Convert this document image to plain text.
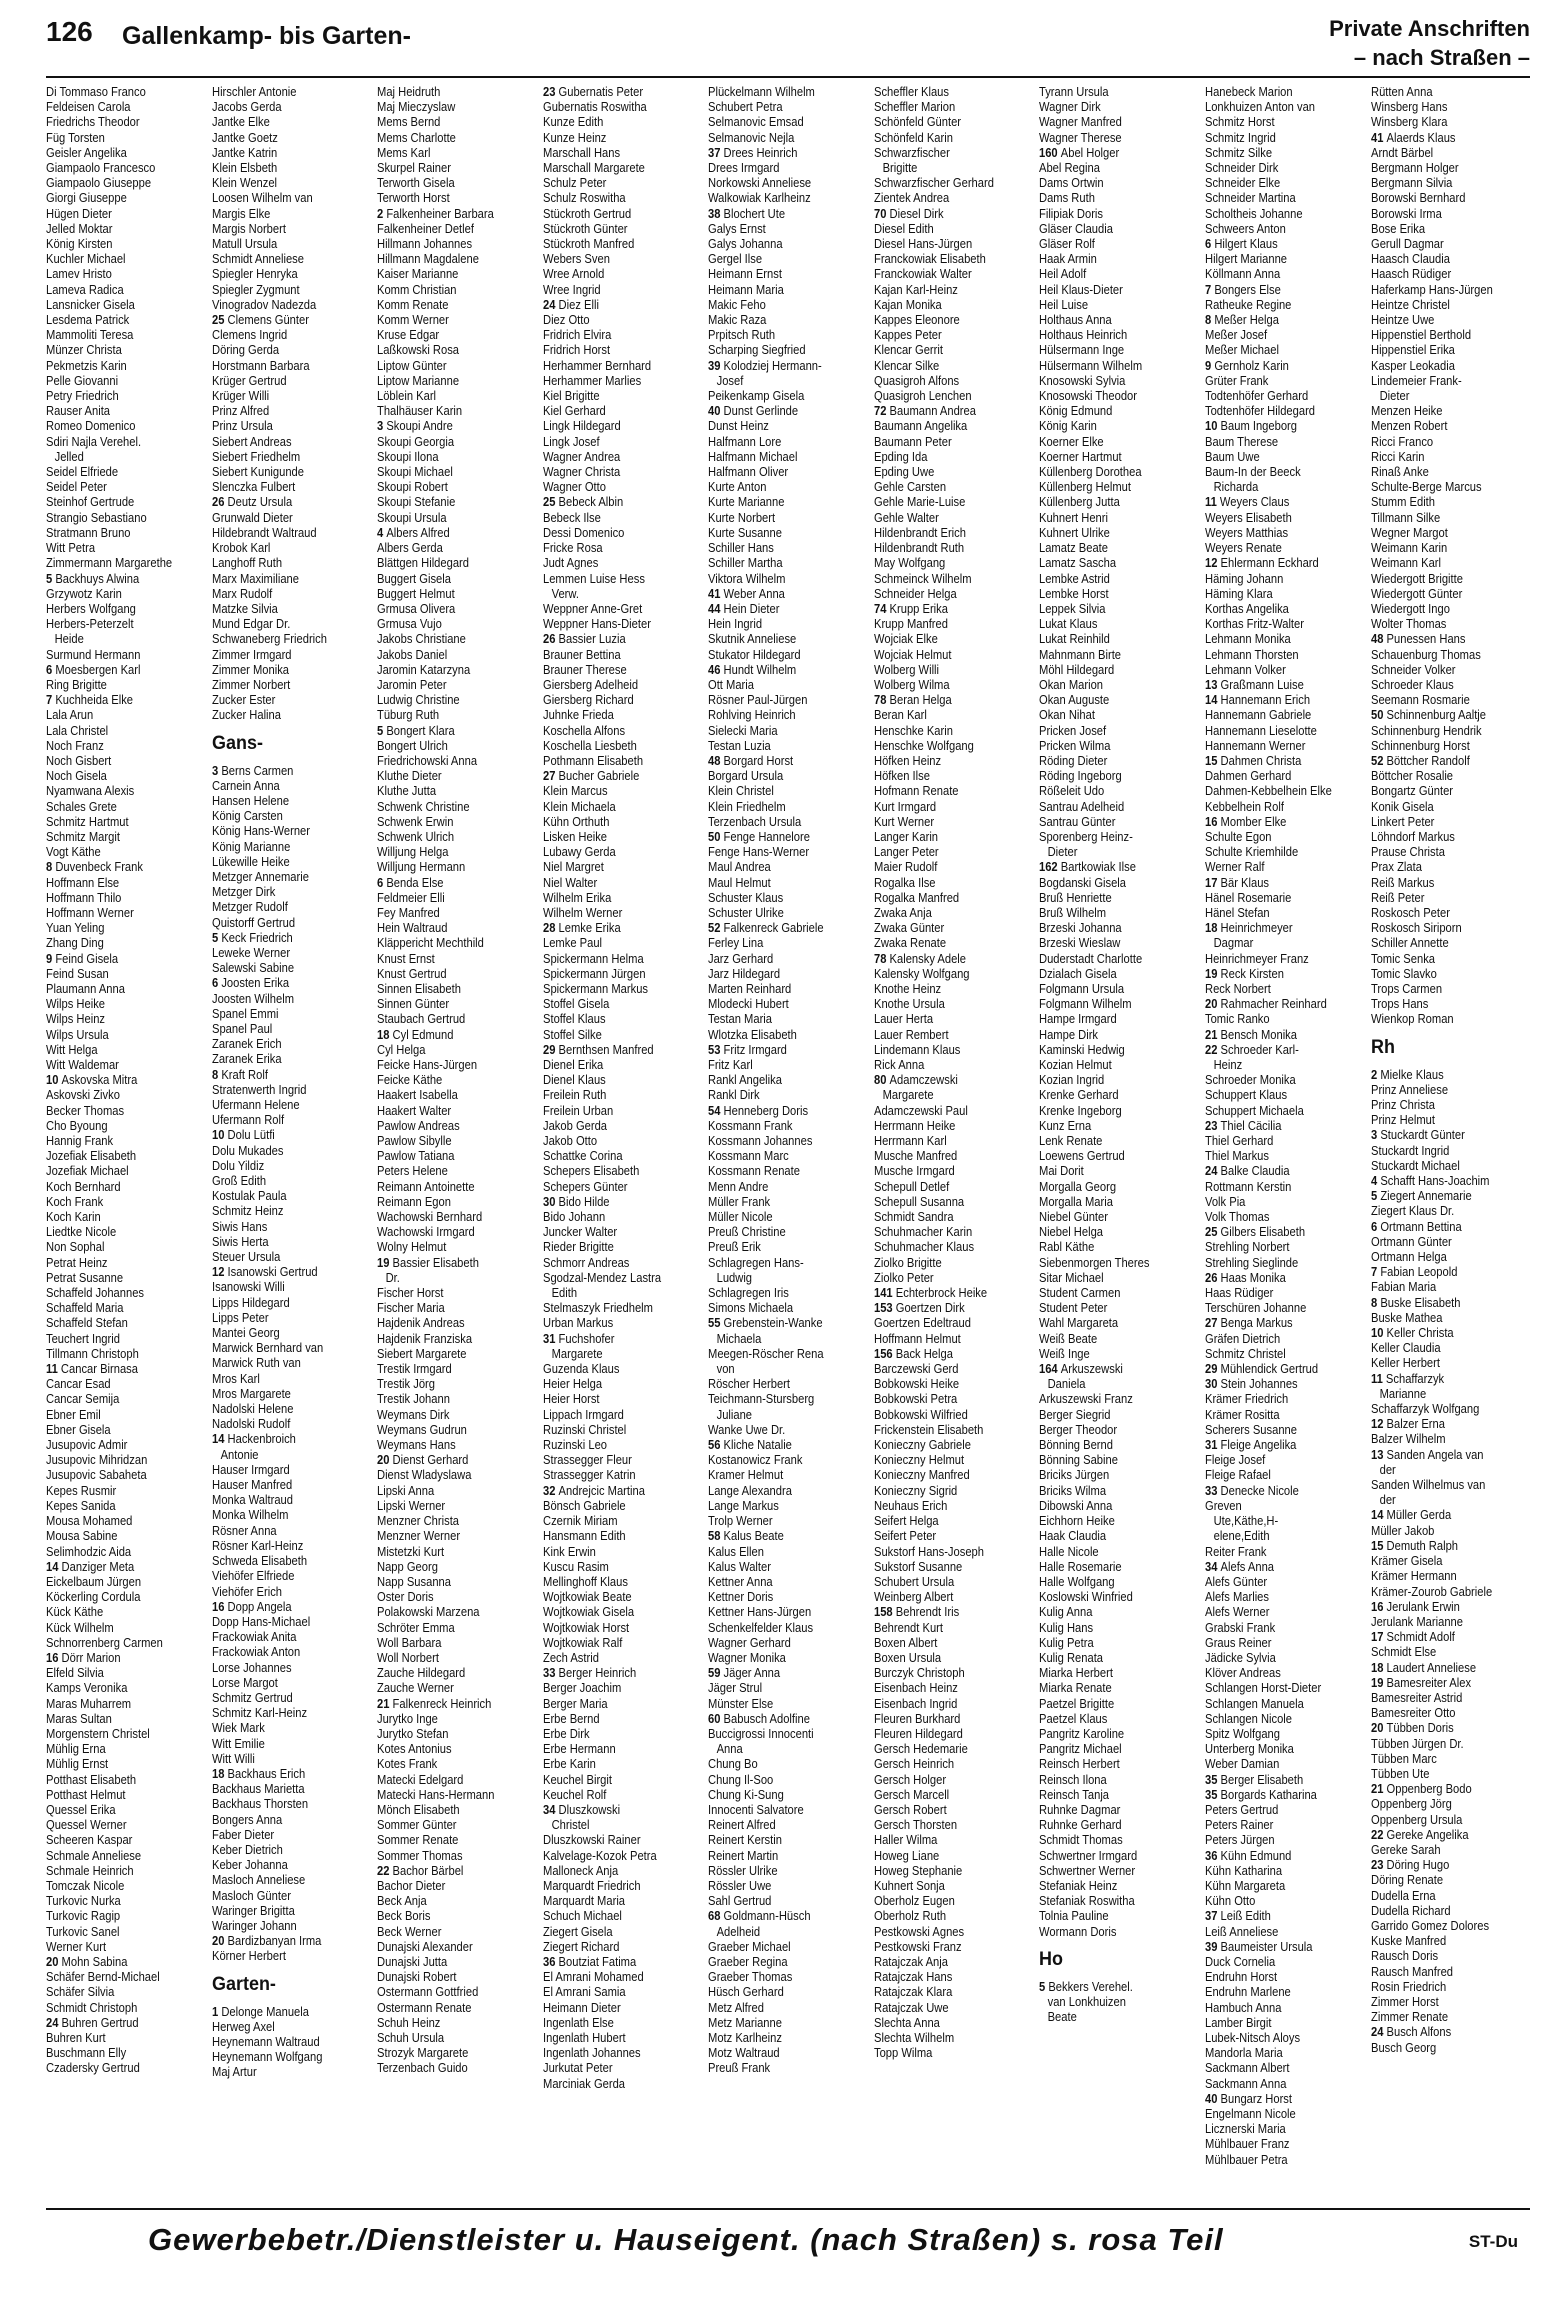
126 Gallenkamp- bis Garten-	Private Anschriften
– nach Straßen –
Di Tommaso Franco
Feldeisen Carola
Friedrichs Theodor
Füg Torsten
Geisler Angelika
Giampaolo Francesco
Giampaolo Giuseppe
Giorgi Giuseppe
Hügen Dieter
Jelled Moktar
König Kirsten
Kuchler Michael
Lamev Hristo
Lameva Radica
Lansnicker Gisela
Lesdema Patrick
Mammoliti Teresa
Münzer Christa
Pekmetzis Karin
Pelle Giovanni
Petry Friedrich
Rauser Anita
Romeo Domenico
Sdiri Najla Verehel.
Jelled
Seidel Elfriede
Seidel Peter
Steinhof Gertrude
Strangio Sebastiano
Stratmann Bruno
Witt Petra
Zimmermann Margarethe
5 Backhuys Alwina
Grzywotz Karin
Herbers Wolfgang
Herbers-Peterzelt
Heide
Surmund Hermann
6 Moesbergen Karl
Ring Brigitte
7 Kuchheida Elke
Lala Arun
Lala Christel
Noch Franz
Noch Gisbert
Noch Gisela
Nyamwana Alexis
Schales Grete
Schmitz Hartmut
Schmitz Margit
Vogt Käthe
8 Duvenbeck Frank
Hoffmann Else
Hoffmann Thilo
Hoffmann Werner
Yuan Yeling
Zhang Ding
9 Feind Gisela
Feind Susan
Plaumann Anna
Wilps Heike
Wilps Heinz
Wilps Ursula
Witt Helga
Witt Waldemar
10 Askovska Mitra
Askovski Zivko
Becker Thomas
Cho Byoung
Hannig Frank
Jozefiak Elisabeth
Jozefiak Michael
Koch Bernhard
Koch Frank
Koch Karin
Liedtke Nicole
Non Sophal
Petrat Heinz
Petrat Susanne
Schaffeld Johannes
Schaffeld Maria
Schaffeld Stefan
Teuchert Ingrid
Tillmann Christoph
11 Cancar Birnasa
Cancar Esad
Cancar Semija
Ebner Emil
Ebner Gisela
Jusupovic Admir
Jusupovic Mihridzan
Jusupovic Sabaheta
Kepes Rusmir
Kepes Sanida
Mousa Mohamed
Mousa Sabine
Selimhodzic Aida
14 Danziger Meta
Eickelbaum Jürgen
Köckerling Cordula
Kück Käthe
Kück Wilhelm
Schnorrenberg Carmen
16 Dörr Marion
Elfeld Silvia
Kamps Veronika
Maras Muharrem
Maras Sultan
Morgenstern Christel
Mühlig Erna
Mühlig Ernst
Potthast Elisabeth
Potthast Helmut
Quessel Erika
Quessel Werner
Scheeren Kaspar
Schmale Anneliese
Schmale Heinrich
Tomczak Nicole
Turkovic Nurka
Turkovic Ragip
Turkovic Sanel
Werner Kurt
20 Mohn Sabina
Schäfer Bernd-Michael
Schäfer Silvia
Schmidt Christoph
24 Buhren Gertrud
Buhren Kurt
Buschmann Elly
Czadersky Gertrud
Hirschler Antonie
Jacobs Gerda
Jantke Elke
Jantke Goetz
Jantke Katrin
Klein Elsbeth
Klein Wenzel
Loosen Wilhelm van
Margis Elke
Margis Norbert
Matull Ursula
Schmidt Anneliese
Spiegler Henryka
Spiegler Zygmunt
Vinogradov Nadezda
25 Clemens Günter
Clemens Ingrid
Döring Gerda
Horstmann Barbara
Krüger Gertrud
Krüger Willi
Prinz Alfred
Prinz Ursula
Siebert Andreas
Siebert Friedhelm
Siebert Kunigunde
Slenczka Fulbert
26 Deutz Ursula
Grunwald Dieter
Hildebrandt Waltraud
Krobok Karl
Langhoff Ruth
Marx Maximiliane
Marx Rudolf
Matzke Silvia
Mund Edgar Dr.
Schwaneberg Friedrich
Zimmer Irmgard
Zimmer Monika
Zimmer Norbert
Zucker Ester
Zucker Halina
Gans-
3 Berns Carmen
Carnein Anna
Hansen Helene
König Carsten
König Hans-Werner
König Marianne
Lükewille Heike
Metzger Annemarie
Metzger Dirk
Metzger Rudolf
Quistorff Gertrud
5 Keck Friedrich
Leweke Werner
Salewski Sabine
6 Joosten Erika
Joosten Wilhelm
Spanel Emmi
Spanel Paul
Zaranek Erich
Zaranek Erika
8 Kraft Rolf
Stratenwerth Ingrid
Ufermann Helene
Ufermann Rolf
10 Dolu Lütfi
Dolu Mukades
Dolu Yildiz
Groß Edith
Kostulak Paula
Schmitz Heinz
Siwis Hans
Siwis Herta
Steuer Ursula
12 Isanowski Gertrud
Isanowski Willi
Lipps Hildegard
Lipps Peter
Mantei Georg
Marwick Bernhard van
Marwick Ruth van
Mros Karl
Mros Margarete
Nadolski Helene
Nadolski Rudolf
14 Hackenbroich
Antonie
Hauser Irmgard
Hauser Manfred
Monka Waltraud
Monka Wilhelm
Rösner Anna
Rösner Karl-Heinz
Schweda Elisabeth
Viehöfer Elfriede
Viehöfer Erich
16 Dopp Angela
Dopp Hans-Michael
Frackowiak Anita
Frackowiak Anton
Lorse Johannes
Lorse Margot
Schmitz Gertrud
Schmitz Karl-Heinz
Wiek Mark
Witt Emilie
Witt Willi
18 Backhaus Erich
Backhaus Marietta
Backhaus Thorsten
Bongers Anna
Faber Dieter
Keber Dietrich
Keber Johanna
Masloch Anneliese
Masloch Günter
Waringer Brigitta
Waringer Johann
20 Bardizbanyan Irma
Körner Herbert
Garten-
1 Delonge Manuela
Herweg Axel
Heynemann Waltraud
Heynemann Wolfgang
Maj Artur
Maj Heidruth
Maj Mieczyslaw
Mems Bernd
Mems Charlotte
Mems Karl
Skurpel Rainer
Terworth Gisela
Terworth Horst
2 Falkenheiner Barbara
Falkenheiner Detlef
Hillmann Johannes
Hillmann Magdalene
Kaiser Marianne
Komm Christian
Komm Renate
Komm Werner
Kruse Edgar
Laßkowski Rosa
Liptow Günter
Liptow Marianne
Löblein Karl
Thalhäuser Karin
3 Skoupi Andre
Skoupi Georgia
Skoupi Ilona
Skoupi Michael
Skoupi Robert
Skoupi Stefanie
Skoupi Ursula
4 Albers Alfred
Albers Gerda
Blättgen Hildegard
Buggert Gisela
Buggert Helmut
Grmusa Olivera
Grmusa Vujo
Jakobs Christiane
Jakobs Daniel
Jaromin Katarzyna
Jaromin Peter
Ludwig Christine
Tüburg Ruth
5 Bongert Klara
Bongert Ulrich
Friedrichowski Anna
Kluthe Dieter
Kluthe Jutta
Schwenk Christine
Schwenk Erwin
Schwenk Ulrich
Willjung Helga
Willjung Hermann
6 Benda Else
Feldmeier Elli
Fey Manfred
Hein Waltraud
Kläppericht Mechthild
Knust Ernst
Knust Gertrud
Sinnen Elisabeth
Sinnen Günter
Staubach Gertrud
18 Cyl Edmund
Cyl Helga
Feicke Hans-Jürgen
Feicke Käthe
Haakert Isabella
Haakert Walter
Pawlow Andreas
Pawlow Sibylle
Pawlow Tatiana
Peters Helene
Reimann Antoinette
Reimann Egon
Wachowski Bernhard
Wachowski Irmgard
Wolny Helmut
19 Bassier Elisabeth
Dr.
Fischer Horst
Fischer Maria
Hajdenik Andreas
Hajdenik Franziska
Siebert Margarete
Trestik Irmgard
Trestik Jörg
Trestik Johann
Weymans Dirk
Weymans Gudrun
Weymans Hans
20 Dienst Gerhard
Dienst Wladyslawa
Lipski Anna
Lipski Werner
Menzner Christa
Menzner Werner
Mistetzki Kurt
Napp Georg
Napp Susanna
Oster Doris
Polakowski Marzena
Schröter Emma
Woll Barbara
Woll Norbert
Zauche Hildegard
Zauche Werner
21 Falkenreck Heinrich
Jurytko Inge
Jurytko Stefan
Kotes Antonius
Kotes Frank
Matecki Edelgard
Matecki Hans-Hermann
Mönch Elisabeth
Sommer Günter
Sommer Renate
Sommer Thomas
22 Bachor Bärbel
Bachor Dieter
Beck Anja
Beck Boris
Beck Werner
Dunajski Alexander
Dunajski Jutta
Dunajski Robert
Ostermann Gottfried
Ostermann Renate
Schuh Heinz
Schuh Ursula
Strozyk Margarete
Terzenbach Guido
23 Gubernatis Peter
Gubernatis Roswitha
Kunze Edith
Kunze Heinz
Marschall Hans
Marschall Margarete
Schulz Peter
Schulz Roswitha
Stückroth Gertrud
Stückroth Günter
Stückroth Manfred
Webers Sven
Wree Arnold
Wree Ingrid
24 Diez Elli
Diez Otto
Fridrich Elvira
Fridrich Horst
Herhammer Bernhard
Herhammer Marlies
Kiel Brigitte
Kiel Gerhard
Lingk Hildegard
Lingk Josef
Wagner Andrea
Wagner Christa
Wagner Otto
25 Bebeck Albin
Bebeck Ilse
Dessi Domenico
Fricke Rosa
Judt Agnes
Lemmen Luise Hess
Verw.
Weppner Anne-Gret
Weppner Hans-Dieter
26 Bassier Luzia
Brauner Bettina
Brauner Therese
Giersberg Adelheid
Giersberg Richard
Juhnke Frieda
Koschella Alfons
Koschella Liesbeth
Pothmann Elisabeth
27 Bucher Gabriele
Klein Marcus
Klein Michaela
Kühn Orthuth
Lisken Heike
Lubawy Gerda
Niel Margret
Niel Walter
Wilhelm Erika
Wilhelm Werner
28 Lemke Erika
Lemke Paul
Spickermann Helma
Spickermann Jürgen
Spickermann Markus
Stoffel Gisela
Stoffel Klaus
Stoffel Silke
29 Bernthsen Manfred
Dienel Erika
Dienel Klaus
Freilein Ruth
Freilein Urban
Jakob Gerda
Jakob Otto
Schattke Corina
Schepers Elisabeth
Schepers Günter
30 Bido Hilde
Bido Johann
Juncker Walter
Rieder Brigitte
Schmorr Andreas
Sgodzal-Mendez Lastra
Edith
Stelmaszyk Friedhelm
Urban Markus
31 Fuchshofer
Margarete
Guzenda Klaus
Heier Helga
Heier Horst
Lippach Irmgard
Ruzinski Christel
Ruzinski Leo
Strassegger Fleur
Strassegger Katrin
32 Andrejcic Martina
Bönsch Gabriele
Czernik Miriam
Hansmann Edith
Kink Erwin
Kuscu Rasim
Mellinghoff Klaus
Wojtkowiak Beate
Wojtkowiak Gisela
Wojtkowiak Horst
Wojtkowiak Ralf
Zech Astrid
33 Berger Heinrich
Berger Joachim
Berger Maria
Erbe Bernd
Erbe Dirk
Erbe Hermann
Erbe Karin
Keuchel Birgit
Keuchel Rolf
34 Dluszkowski
Christel
Dluszkowski Rainer
Kalvelage-Kozok Petra
Malloneck Anja
Marquardt Friedrich
Marquardt Maria
Schuch Michael
Ziegert Gisela
Ziegert Richard
36 Boutziat Fatima
El Amrani Mohamed
El Amrani Samia
Heimann Dieter
Ingenlath Else
Ingenlath Hubert
Ingenlath Johannes
Jurkutat Peter
Marciniak Gerda
Plückelmann Wilhelm
Schubert Petra
Selmanovic Emsad
Selmanovic Nejla
37 Drees Heinrich
Drees Irmgard
Norkowski Anneliese
Walkowiak Karlheinz
38 Blochert Ute
Galys Ernst
Galys Johanna
Gergel Ilse
Heimann Ernst
Heimann Maria
Makic Feho
Makic Raza
Prpitsch Ruth
Scharping Siegfried
39 Kolodziej Hermann-
Josef
Peikenkamp Gisela
40 Dunst Gerlinde
Dunst Heinz
Halfmann Lore
Halfmann Michael
Halfmann Oliver
Kurte Anton
Kurte Marianne
Kurte Norbert
Kurte Susanne
Schiller Hans
Schiller Martha
Viktora Wilhelm
41 Weber Anna
44 Hein Dieter
Hein Ingrid
Skutnik Anneliese
Stukator Hildegard
46 Hundt Wilhelm
Ott Maria
Rösner Paul-Jürgen
Rohlving Heinrich
Sielecki Maria
Testan Luzia
48 Borgard Horst
Borgard Ursula
Klein Christel
Klein Friedhelm
Terzenbach Ursula
50 Fenge Hannelore
Fenge Hans-Werner
Maul Andrea
Maul Helmut
Schuster Klaus
Schuster Ulrike
52 Falkenreck Gabriele
Ferley Lina
Jarz Gerhard
Jarz Hildegard
Marten Reinhard
Mlodecki Hubert
Testan Maria
Wlotzka Elisabeth
53 Fritz Irmgard
Fritz Karl
Rankl Angelika
Rankl Dirk
54 Henneberg Doris
Kossmann Frank
Kossmann Johannes
Kossmann Marc
Kossmann Renate
Menn Andre
Müller Frank
Müller Nicole
Preuß Christine
Preuß Erik
Schlagregen Hans-
Ludwig
Schlagregen Iris
Simons Michaela
55 Grebenstein-Wanke
Michaela
Meegen-Röscher Rena
von
Röscher Herbert
Teichmann-Stursberg
Juliane
Wanke Uwe Dr.
56 Kliche Natalie
Kostanowicz Frank
Kramer Helmut
Lange Alexandra
Lange Markus
Trolp Werner
58 Kalus Beate
Kalus Ellen
Kalus Walter
Kettner Anna
Kettner Doris
Kettner Hans-Jürgen
Schenkelfelder Klaus
Wagner Gerhard
Wagner Monika
59 Jäger Anna
Jäger Strul
Münster Else
60 Babusch Adolfine
Buccigrossi Innocenti
Anna
Chung Bo
Chung Il-Soo
Chung Ki-Sung
Innocenti Salvatore
Reinert Alfred
Reinert Kerstin
Reinert Martin
Rössler Ulrike
Rössler Uwe
Sahl Gertrud
68 Goldmann-Hüsch
Adelheid
Graeber Michael
Graeber Regina
Graeber Thomas
Hüsch Gerhard
Metz Alfred
Metz Marianne
Motz Karlheinz
Motz Waltraud
Preuß Frank
Scheffler Klaus
Scheffler Marion
Schönfeld Günter
Schönfeld Karin
Schwarzfischer
Brigitte
Schwarzfischer Gerhard
Zientek Andrea
70 Diesel Dirk
Diesel Edith
Diesel Hans-Jürgen
Franckowiak Elisabeth
Franckowiak Walter
Kajan Karl-Heinz
Kajan Monika
Kappes Eleonore
Kappes Peter
Klencar Gerrit
Klencar Silke
Quasigroh Alfons
Quasigroh Lenchen
72 Baumann Andrea
Baumann Angelika
Baumann Peter
Epding Ida
Epding Uwe
Gehle Carsten
Gehle Marie-Luise
Gehle Walter
Hildenbrandt Erich
Hildenbrandt Ruth
May Wolfgang
Schmeinck Wilhelm
Schneider Helga
74 Krupp Erika
Krupp Manfred
Wojciak Elke
Wojciak Helmut
Wolberg Willi
Wolberg Wilma
78 Beran Helga
Beran Karl
Henschke Karin
Henschke Wolfgang
Höfken Heinz
Höfken Ilse
Hofmann Renate
Kurt Irmgard
Kurt Werner
Langer Karin
Langer Peter
Maier Rudolf
Rogalka Ilse
Rogalka Manfred
Zwaka Anja
Zwaka Günter
Zwaka Renate
78 Kalensky Adele
Kalensky Wolfgang
Knothe Heinz
Knothe Ursula
Lauer Herta
Lauer Rembert
Lindemann Klaus
Rick Anna
80 Adamczewski
Margarete
Adamczewski Paul
Herrmann Heike
Herrmann Karl
Musche Manfred
Musche Irmgard
Schepull Detlef
Schepull Susanna
Schmidt Sandra
Schuhmacher Karin
Schuhmacher Klaus
Ziolko Brigitte
Ziolko Peter
141 Echterbrock Heike
153 Goertzen Dirk
Goertzen Edeltraud
Hoffmann Helmut
156 Back Helga
Barczewski Gerd
Bobkowski Heike
Bobkowski Petra
Bobkowski Wilfried
Frickenstein Elisabeth
Konieczny Gabriele
Konieczny Helmut
Konieczny Manfred
Konieczny Sigrid
Neuhaus Erich
Seifert Helga
Seifert Peter
Sukstorf Hans-Joseph
Sukstorf Susanne
Schubert Ursula
Weinberg Albert
158 Behrendt Iris
Behrendt Kurt
Boxen Albert
Boxen Ursula
Burczyk Christoph
Eisenbach Heinz
Eisenbach Ingrid
Fleuren Burkhard
Fleuren Hildegard
Gersch Hedemarie
Gersch Heinrich
Gersch Holger
Gersch Marcell
Gersch Robert
Gersch Thorsten
Haller Wilma
Howeg Liane
Howeg Stephanie
Kuhnert Sonja
Oberholz Eugen
Oberholz Ruth
Pestkowski Agnes
Pestkowski Franz
Ratajczak Anja
Ratajczak Hans
Ratajczak Klara
Ratajczak Uwe
Slechta Anna
Slechta Wilhelm
Topp Wilma
Tyrann Ursula
Wagner Dirk
Wagner Manfred
Wagner Therese
160 Abel Holger
Abel Regina
Dams Ortwin
Dams Ruth
Filipiak Doris
Gläser Claudia
Gläser Rolf
Haak Armin
Heil Adolf
Heil Klaus-Dieter
Heil Luise
Holthaus Anna
Holthaus Heinrich
Hülsermann Inge
Hülsermann Wilhelm
Knosowski Sylvia
Knosowski Theodor
König Edmund
König Karin
Koerner Elke
Koerner Hartmut
Küllenberg Dorothea
Küllenberg Helmut
Küllenberg Jutta
Kuhnert Henri
Kuhnert Ulrike
Lamatz Beate
Lamatz Sascha
Lembke Astrid
Lembke Horst
Leppek Silvia
Lukat Klaus
Lukat Reinhild
Mahnmann Birte
Möhl Hildegard
Okan Marion
Okan Auguste
Okan Nihat
Pricken Josef
Pricken Wilma
Röding Dieter
Röding Ingeborg
Rößeleit Udo
Santrau Adelheid
Santrau Günter
Sporenberg Heinz-
Dieter
162 Bartkowiak Ilse
Bogdanski Gisela
Bruß Henriette
Bruß Wilhelm
Brzeski Johanna
Brzeski Wieslaw
Duderstadt Charlotte
Dzialach Gisela
Folgmann Ursula
Folgmann Wilhelm
Hampe Irmgard
Hampe Dirk
Kaminski Hedwig
Kozian Helmut
Kozian Ingrid
Krenke Gerhard
Krenke Ingeborg
Kunz Erna
Lenk Renate
Loewens Gertrud
Mai Dorit
Morgalla Georg
Morgalla Maria
Niebel Günter
Niebel Helga
Rabl Käthe
Siebenmorgen Theres
Sitar Michael
Student Carmen
Student Peter
Wahl Margareta
Weiß Beate
Weiß Inge
164 Arkuszewski
Daniela
Arkuszewski Franz
Berger Siegrid
Berger Theodor
Bönning Bernd
Bönning Sabine
Briciks Jürgen
Briciks Wilma
Dibowski Anna
Eichhorn Heike
Haak Claudia
Halle Nicole
Halle Rosemarie
Halle Wolfgang
Koslowski Winfried
Kulig Anna
Kulig Hans
Kulig Petra
Kulig Renata
Miarka Herbert
Miarka Renate
Paetzel Brigitte
Paetzel Klaus
Pangritz Karoline
Pangritz Michael
Reinsch Herbert
Reinsch Ilona
Reinsch Tanja
Ruhnke Dagmar
Ruhnke Gerhard
Schmidt Thomas
Schwertner Irmgard
Schwertner Werner
Stefaniak Heinz
Stefaniak Roswitha
Tolnia Pauline
Wormann Doris
Ho
5 Bekkers Verehel.
van Lonkhuizen
Beate
Hanebeck Marion
Lonkhuizen Anton van
Schmitz Horst
Schmitz Ingrid
Schmitz Silke
Schneider Dirk
Schneider Elke
Schneider Martina
Scholtheis Johanne
Schweers Anton
6 Hilgert Klaus
Hilgert Marianne
Köllmann Anna
7 Bongers Else
Ratheuke Regine
8 Meßer Helga
Meßer Josef
Meßer Michael
9 Gernholz Karin
Grüter Frank
Todtenhöfer Gerhard
Todtenhöfer Hildegard
10 Baum Ingeborg
Baum Therese
Baum Uwe
Baum-In der Beeck
Richarda
11 Weyers Claus
Weyers Elisabeth
Weyers Matthias
Weyers Renate
12 Ehlermann Eckhard
Häming Johann
Häming Klara
Korthas Angelika
Korthas Fritz-Walter
Lehmann Monika
Lehmann Thorsten
Lehmann Volker
13 Graßmann Luise
14 Hannemann Erich
Hannemann Gabriele
Hannemann Lieselotte
Hannemann Werner
15 Dahmen Christa
Dahmen Gerhard
Dahmen-Kebbelhein Elke
Kebbelhein Rolf
16 Momber Elke
Schulte Egon
Schulte Kriemhilde
Werner Ralf
17 Bär Klaus
Hänel Rosemarie
Hänel Stefan
18 Heinrichmeyer
Dagmar
Heinrichmeyer Franz
19 Reck Kirsten
Reck Norbert
20 Rahmacher Reinhard
Tomic Ranko
21 Bensch Monika
22 Schroeder Karl-
Heinz
Schroeder Monika
Schuppert Klaus
Schuppert Michaela
23 Thiel Cäcilia
Thiel Gerhard
Thiel Markus
24 Balke Claudia
Rottmann Kerstin
Volk Pia
Volk Thomas
25 Gilbers Elisabeth
Strehling Norbert
Strehling Sieglinde
26 Haas Monika
Haas Rüdiger
Terschüren Johanne
27 Benga Markus
Gräfen Dietrich
Schmitz Christel
29 Mühlendick Gertrud
30 Stein Johannes
Krämer Friedrich
Krämer Rositta
Scherers Susanne
31 Fleige Angelika
Fleige Josef
Fleige Rafael
33 Denecke Nicole
Greven
Ute,Käthe,H-
elene,Edith
Reiter Frank
34 Alefs Anna
Alefs Günter
Alefs Marlies
Alefs Werner
Grabski Frank
Graus Reiner
Jädicke Sylvia
Klöver Andreas
Schlangen Horst-Dieter
Schlangen Manuela
Schlangen Nicole
Spitz Wolfgang
Unterberg Monika
Weber Damian
35 Berger Elisabeth
35 Borgards Katharina
Peters Gertrud
Peters Rainer
Peters Jürgen
36 Kühn Edmund
Kühn Katharina
Kühn Margareta
Kühn Otto
37 Leiß Edith
Leiß Anneliese
39 Baumeister Ursula
Duck Cornelia
Endruhn Horst
Endruhn Marlene
Hambuch Anna
Lamber Birgit
Lubek-Nitsch Aloys
Mandorla Maria
Sackmann Albert
Sackmann Anna
40 Bungarz Horst
Engelmann Nicole
Licznerski Maria
Mühlbauer Franz
Mühlbauer Petra
Rütten Anna
Winsberg Hans
Winsberg Klara
41 Alaerds Klaus
Arndt Bärbel
Bergmann Holger
Bergmann Silvia
Borowski Bernhard
Borowski Irma
Bose Erika
Gerull Dagmar
Haasch Claudia
Haasch Rüdiger
Haferkamp Hans-Jürgen
Heintze Christel
Heintze Uwe
Hippenstiel Berthold
Hippenstiel Erika
Kasper Leokadia
Lindemeier Frank-
Dieter
Menzen Heike
Menzen Robert
Ricci Franco
Ricci Karin
Rinaß Anke
Schulte-Berge Marcus
Stumm Edith
Tillmann Silke
Wegner Margot
Weimann Karin
Weimann Karl
Wiedergott Brigitte
Wiedergott Günter
Wiedergott Ingo
Wolter Thomas
48 Punessen Hans
Schauenburg Thomas
Schneider Volker
Schroeder Klaus
Seemann Rosmarie
50 Schinnenburg Aaltje
Schinnenburg Hendrik
Schinnenburg Horst
52 Böttcher Randolf
Böttcher Rosalie
Bongartz Günter
Konik Gisela
Linkert Peter
Löhndorf Markus
Prause Christa
Prax Zlata
Reiß Markus
Reiß Peter
Roskosch Peter
Roskosch Siriporn
Schiller Annette
Tomic Senka
Tomic Slavko
Trops Carmen
Trops Hans
Wienkop Roman
Rh
2 Mielke Klaus
Prinz Anneliese
Prinz Christa
Prinz Helmut
3 Stuckardt Günter
Stuckardt Ingrid
Stuckardt Michael
4 Schafft Hans-Joachim
5 Ziegert Annemarie
Ziegert Klaus Dr.
6 Ortmann Bettina
Ortmann Günter
Ortmann Helga
7 Fabian Leopold
Fabian Maria
8 Buske Elisabeth
Buske Mathea
10 Keller Christa
Keller Claudia
Keller Herbert
11 Schaffarzyk
Marianne
Schaffarzyk Wolfgang
12 Balzer Erna
Balzer Wilhelm
13 Sanden Angela van
der
Sanden Wilhelmus van
der
14 Müller Gerda
Müller Jakob
15 Demuth Ralph
Krämer Gisela
Krämer Hermann
Krämer-Zourob Gabriele
16 Jerulank Erwin
Jerulank Marianne
17 Schmidt Adolf
Schmidt Else
18 Laudert Anneliese
19 Bamesreiter Alex
Bamesreiter Astrid
Bamesreiter Otto
20 Tübben Doris
Tübben Jürgen Dr.
Tübben Marc
Tübben Ute
21 Oppenberg Bodo
Oppenberg Jörg
Oppenberg Ursula
22 Gereke Angelika
Gereke Sarah
23 Döring Hugo
Döring Renate
Dudella Erna
Dudella Richard
Garrido Gomez Dolores
Kuske Manfred
Rausch Doris
Rausch Manfred
Rosin Friedrich
Zimmer Horst
Zimmer Renate
24 Busch Alfons
Busch Georg
Gewerbebetr./Dienstleister u. Hauseigent. (nach Straßen) s. rosa Teil	ST-Du
